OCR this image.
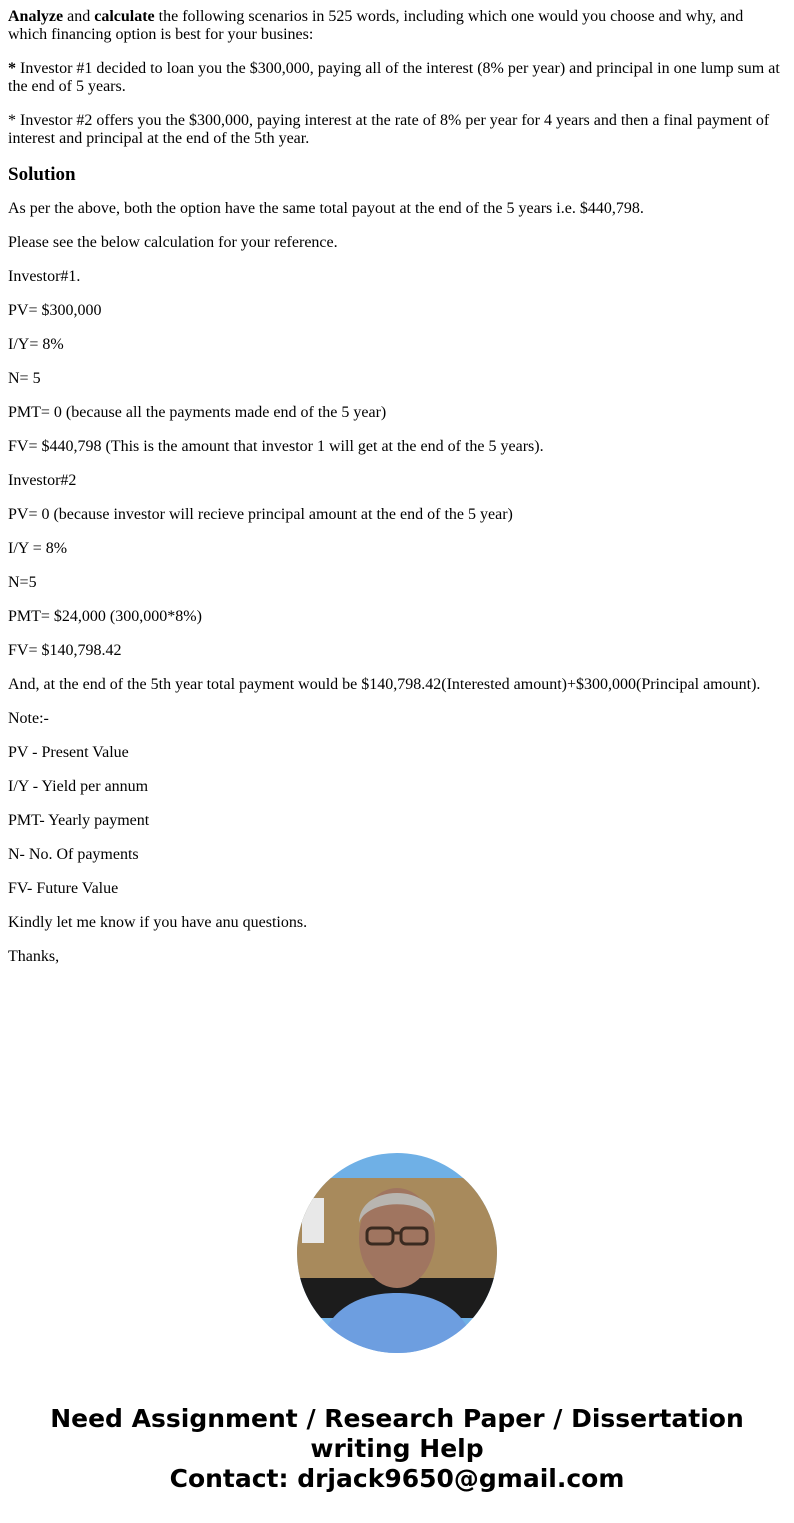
Analyze and calculate the following scenarios in 525 words, including which one would you choose and why, and which financing option is best for your busines:

* Investor #1 decided to loan you the $300,000, paying all of the interest (8% per year) and principal in one lump sum at the end of 5 years.

* Investor #2 offers you the $300,000, paying interest at the rate of 8% per year for 4 years and then a final payment of interest and principal at the end of the 5th year.

Solution

As per the above, both the option have the same total payout at the end of the 5 years i.e. $440,798.

Please see the below calculation for your reference.

Investor#1.

PV= $300,000

I/Y= 8%

N= 5

PMT= 0 (because all the payments made end of the 5 year)

FV= $440,798 (This is the amount that investor 1 will get at the end of the 5 years).

Investor#2

PV= 0 (because investor will recieve principal amount at the end of the 5 year)

I/Y = 8%

N=5

PMT= $24,000 (300,000*8%)

FV= $140,798.42

And, at the end of the 5th year total payment would be $140,798.42(Interested amount)+$300,000(Principal amount).

Note:-

PV - Present Value

I/Y - Yield per annum

PMT- Yearly payment

N- No. Of payments

FV- Future Value

Kindly let me know if you have anu questions.

Thanks,

Need Assignment / Research Paper / Dissertation writing Help
Contact: drjack9650@gmail.com
